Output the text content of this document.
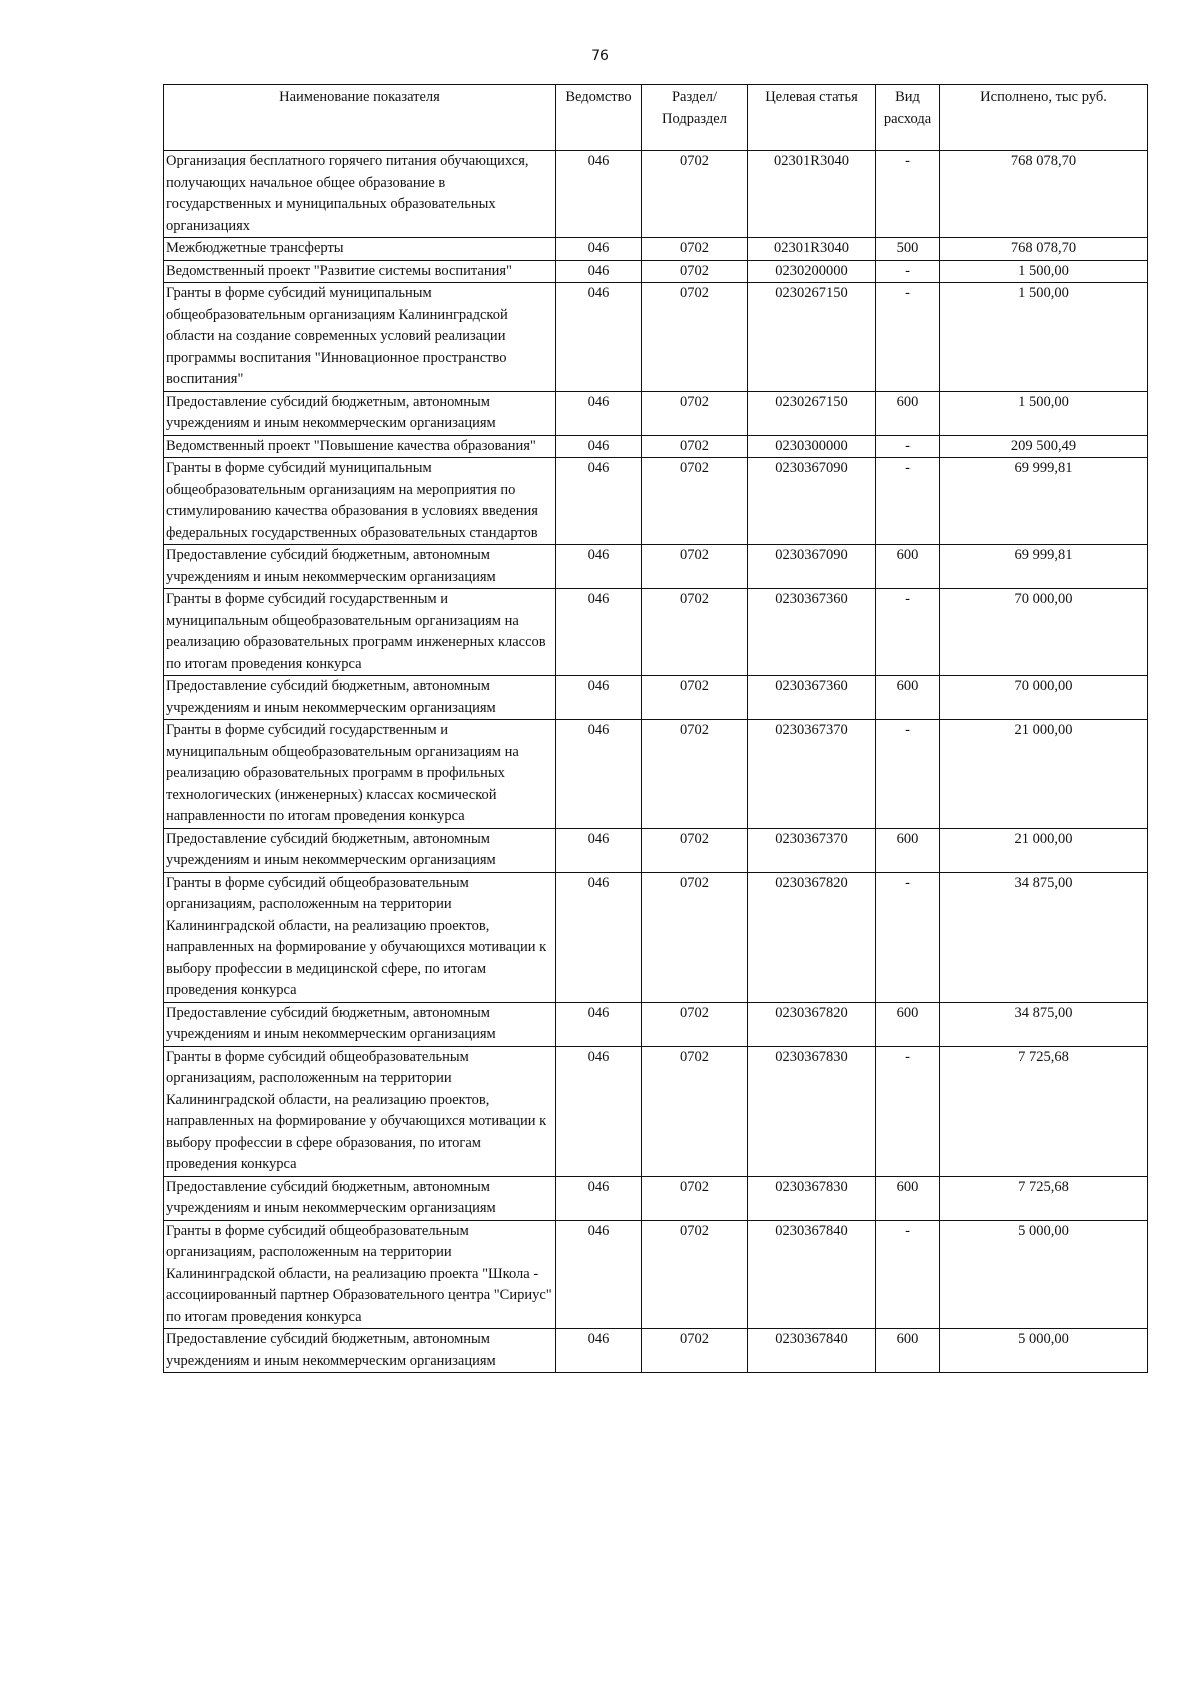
76
Наименование показателя	Ведомство	Раздел/ Подраздел	Целевая статья	Вид расхода	Исполнено, тыс руб.
Организация бесплатного горячего питания обучающихся, получающих начальное общее образование в государственных и муниципальных образовательных организациях	046	0702	02301R3040	-	768 078,70
Межбюджетные трансферты	046	0702	02301R3040	500	768 078,70
Ведомственный проект "Развитие системы воспитания"	046	0702	0230200000	-	1 500,00
Гранты в форме субсидий муниципальным общеобразовательным организациям Калининградской области на создание современных условий реализации программы воспитания "Инновационное пространство воспитания"	046	0702	0230267150	-	1 500,00
Предоставление субсидий бюджетным, автономным учреждениям и иным некоммерческим организациям	046	0702	0230267150	600	1 500,00
Ведомственный проект "Повышение качества образования"	046	0702	0230300000	-	209 500,49
Гранты в форме субсидий муниципальным общеобразовательным организациям на мероприятия по стимулированию качества образования в условиях введения федеральных государственных образовательных стандартов	046	0702	0230367090	-	69 999,81
Предоставление субсидий бюджетным, автономным учреждениям и иным некоммерческим организациям	046	0702	0230367090	600	69 999,81
Гранты в форме субсидий государственным и муниципальным общеобразовательным организациям на реализацию образовательных программ инженерных классов по итогам проведения конкурса	046	0702	0230367360	-	70 000,00
Предоставление субсидий бюджетным, автономным учреждениям и иным некоммерческим организациям	046	0702	0230367360	600	70 000,00
Гранты в форме субсидий государственным и муниципальным общеобразовательным организациям на реализацию образовательных программ в профильных технологических (инженерных) классах космической направленности по итогам проведения конкурса	046	0702	0230367370	-	21 000,00
Предоставление субсидий бюджетным, автономным учреждениям и иным некоммерческим организациям	046	0702	0230367370	600	21 000,00
Гранты в форме субсидий общеобразовательным организациям, расположенным на территории Калининградской области, на реализацию проектов, направленных на формирование у обучающихся мотивации к выбору профессии в медицинской сфере, по итогам проведения конкурса	046	0702	0230367820	-	34 875,00
Предоставление субсидий бюджетным, автономным учреждениям и иным некоммерческим организациям	046	0702	0230367820	600	34 875,00
Гранты в форме субсидий общеобразовательным организациям, расположенным на территории Калининградской области, на реализацию проектов, направленных на формирование у обучающихся мотивации к выбору профессии в сфере образования, по итогам проведения конкурса	046	0702	0230367830	-	7 725,68
Предоставление субсидий бюджетным, автономным учреждениям и иным некоммерческим организациям	046	0702	0230367830	600	7 725,68
Гранты в форме субсидий общеобразовательным организациям, расположенным на территории Калининградской области, на реализацию проекта "Школа - ассоциированный партнер Образовательного центра "Сириус" по итогам проведения конкурса	046	0702	0230367840	-	5 000,00
Предоставление субсидий бюджетным, автономным учреждениям и иным некоммерческим организациям	046	0702	0230367840	600	5 000,00
